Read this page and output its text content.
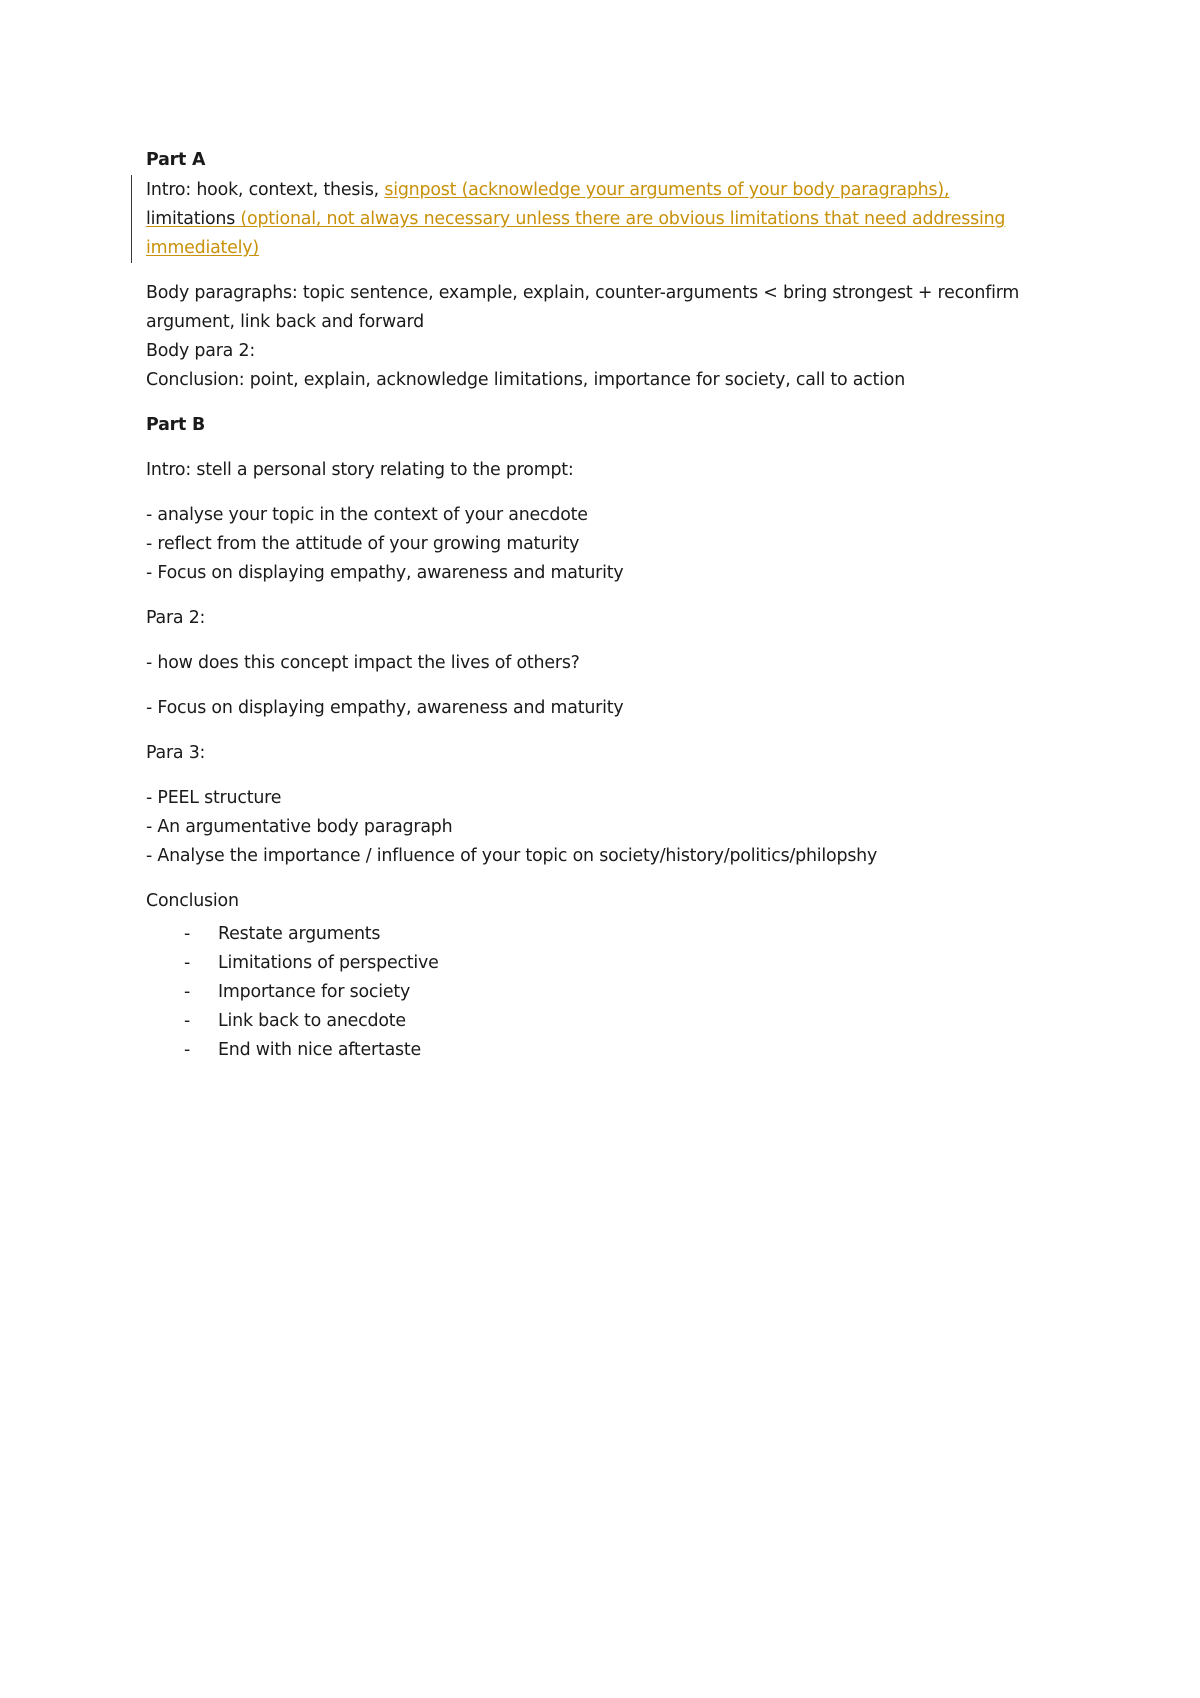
Part A

Intro: hook, context, thesis, signpost (acknowledge your arguments of your body paragraphs),
limitations (optional, not always necessary unless there are obvious limitations that need addressing immediately)

Body paragraphs: topic sentence, example, explain, counter-arguments < bring strongest + reconfirm argument, link back and forward

Body para 2:

Conclusion: point, explain, acknowledge limitations, importance for society, call to action

Part B

Intro: stell a personal story relating to the prompt:

- analyse your topic in the context of your anecdote

- reflect from the attitude of your growing maturity

- Focus on displaying empathy, awareness and maturity

Para 2:

- how does this concept impact the lives of others?

- Focus on displaying empathy, awareness and maturity

Para 3:

- PEEL structure

- An argumentative body paragraph

- Analyse the importance / influence of your topic on society/history/politics/philopshy

Conclusion

- Restate arguments
- Limitations of perspective
- Importance for society
- Link back to anecdote
- End with nice aftertaste
